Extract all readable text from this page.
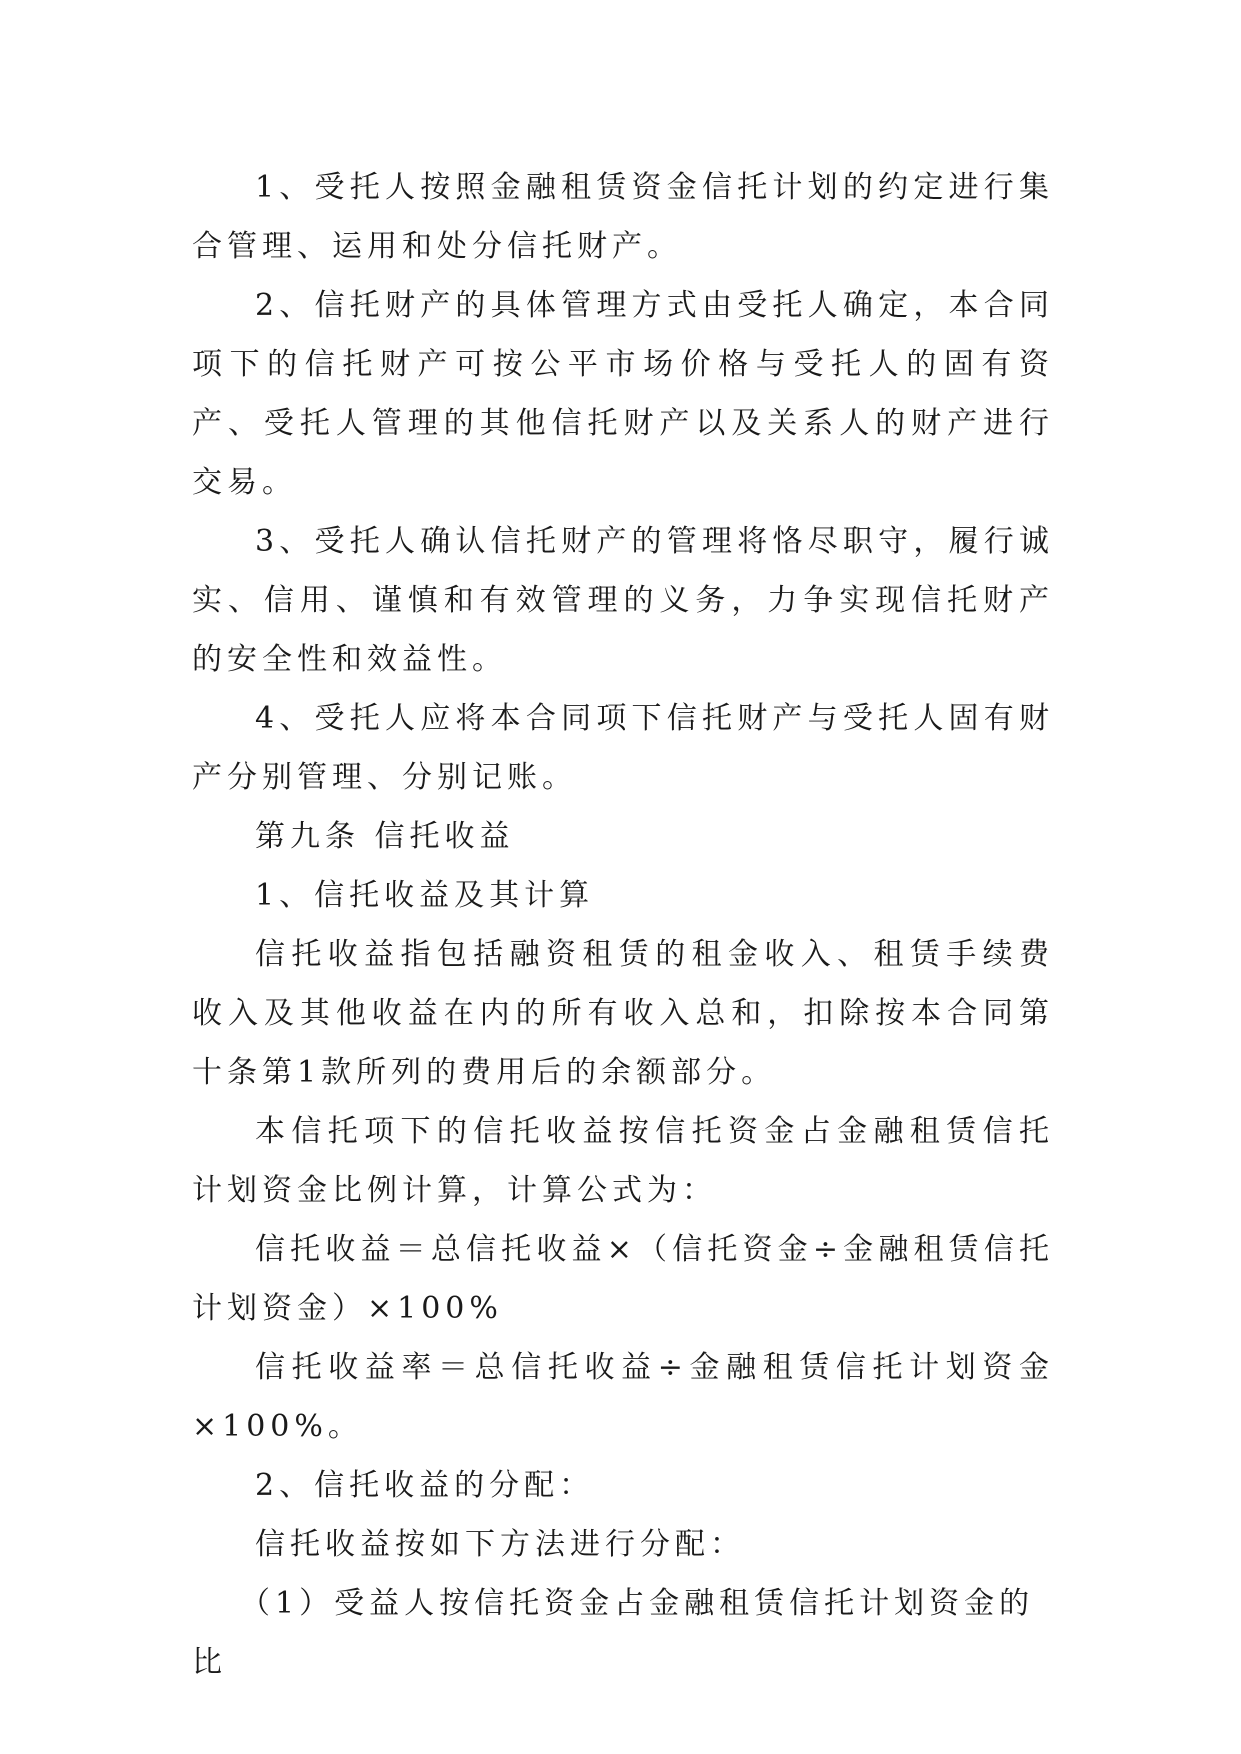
1、受托人按照金融租赁资金信托计划的约定进行集合管理、运用和处分信托财产。

2、信托财产的具体管理方式由受托人确定，本合同项下的信托财产可按公平市场价格与受托人的固有资产、受托人管理的其他信托财产以及关系人的财产进行交易。

3、受托人确认信托财产的管理将恪尽职守，履行诚实、信用、谨慎和有效管理的义务，力争实现信托财产的安全性和效益性。

4、受托人应将本合同项下信托财产与受托人固有财产分别管理、分别记账。

第九条 信托收益

1、信托收益及其计算

信托收益指包括融资租赁的租金收入、租赁手续费收入及其他收益在内的所有收入总和，扣除按本合同第十条第1款所列的费用后的余额部分。

本信托项下的信托收益按信托资金占金融租赁信托计划资金比例计算，计算公式为：

信托收益＝总信托收益×（信托资金÷金融租赁信托计划资金）×100%

信托收益率＝总信托收益÷金融租赁信托计划资金×100%。

2、信托收益的分配：

信托收益按如下方法进行分配：

（1）受益人按信托资金占金融租赁信托计划资金的比
